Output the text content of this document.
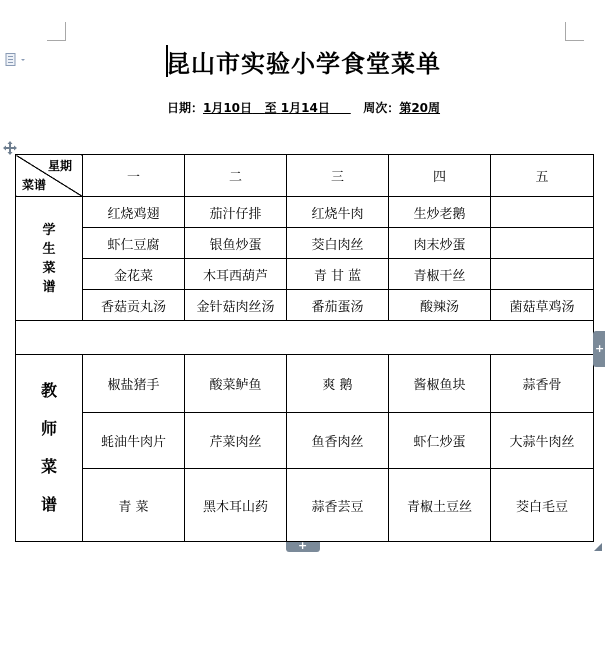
昆山市实验小学食堂菜单
日期：1月10日 至 1月14日	周次：第20周
星期
菜谱	一	二	三	四	五

学
生
菜
谱	红烧鸡翅	茄汁仔排	红烧牛肉	生炒老鹅	
	虾仁豆腐	银鱼炒蛋	茭白肉丝	肉末炒蛋	
	金花菜	木耳西葫芦	青 甘 蓝	青椒干丝	
	香菇贡丸汤	金针菇肉丝汤	番茄蛋汤	酸辣汤	菌菇草鸡汤

教
师
菜
谱	椒盐猪手	酸菜鲈鱼	爽 鹅	酱椒鱼块	蒜香骨
	蚝油牛肉片	芹菜肉丝	鱼香肉丝	虾仁炒蛋	大蒜牛肉丝
	青 菜	黑木耳山药	蒜香芸豆	青椒土豆丝	茭白毛豆
+
+
